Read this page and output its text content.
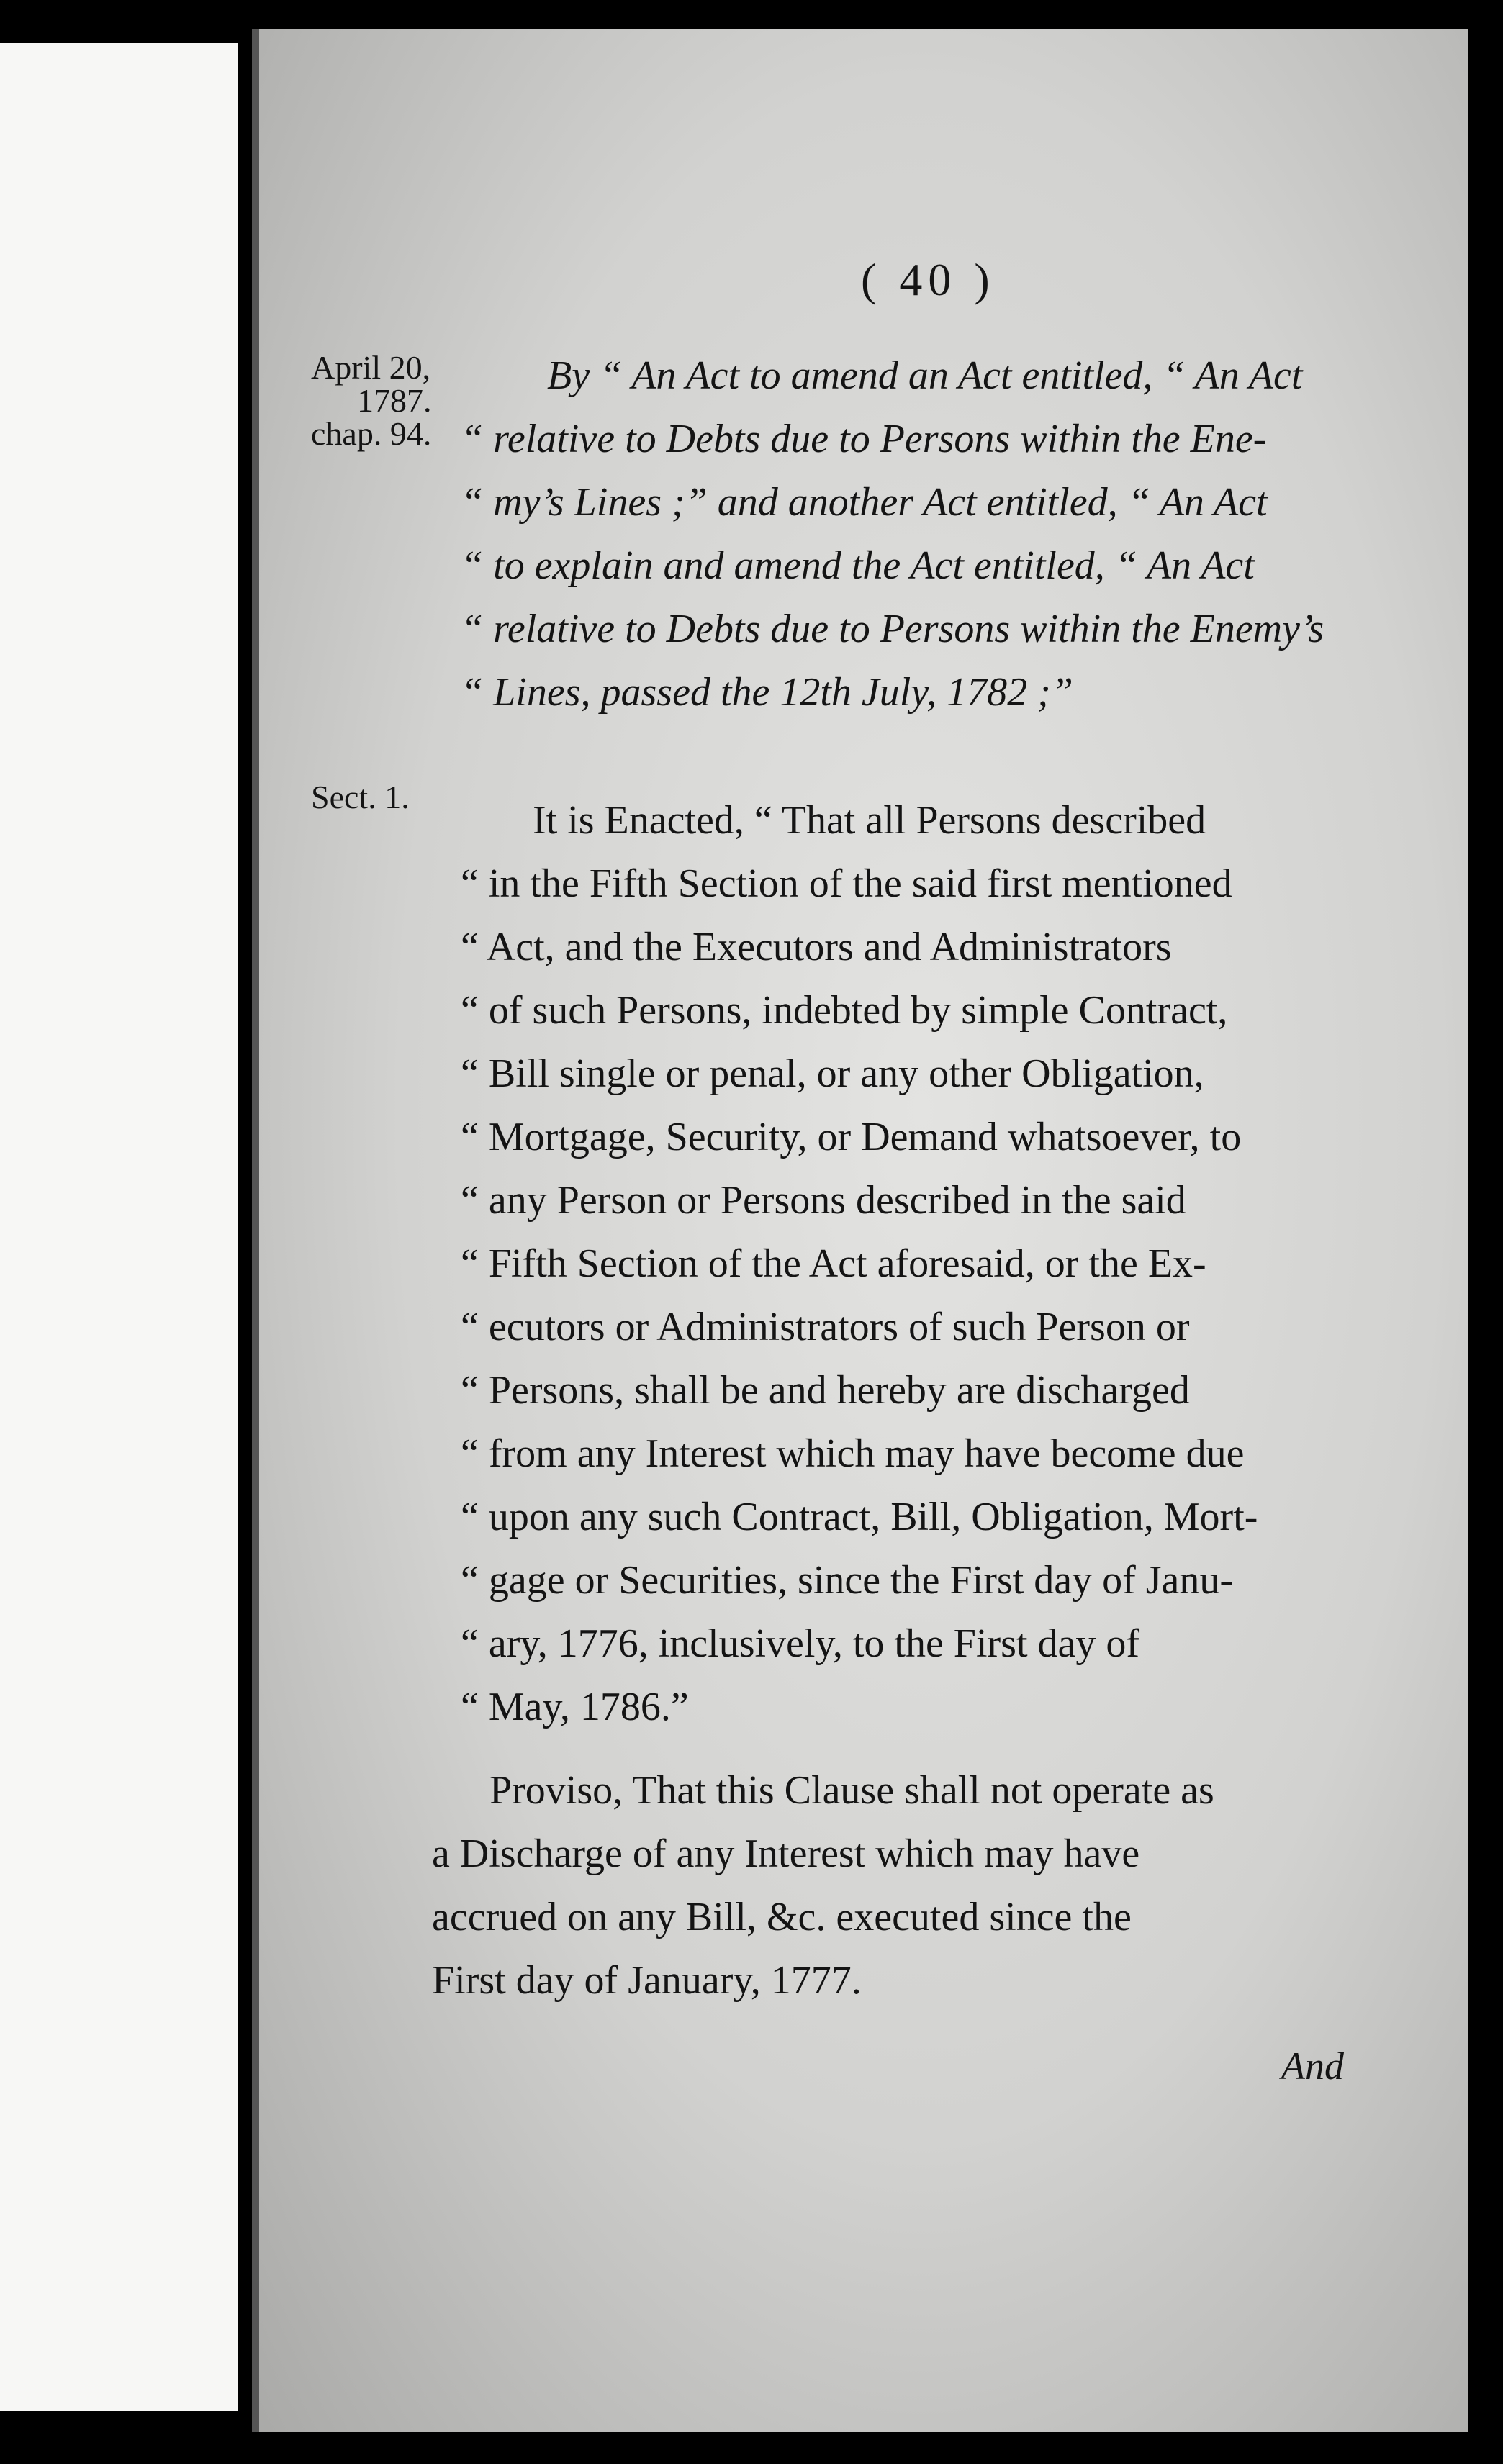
( 40 )
April 20,
1787.
chap. 94.
Sect. 1.
By “ An Act to amend an Act entitled, “ An Act
“ relative to Debts due to Persons within the Ene-
“ my’s Lines ;” and another Act entitled, “ An Act
“ to explain and amend the Act entitled, “ An Act
“ relative to Debts due to Persons within the Enemy’s
“ Lines, passed the 12th July, 1782 ;”
It is Enacted, “ That all Persons described
“ in the Fifth Section of the said first mentioned
“ Act, and the Executors and Administrators
“ of such Persons, indebted by simple Contract,
“ Bill single or penal, or any other Obligation,
“ Mortgage, Security, or Demand whatsoever, to
“ any Person or Persons described in the said
“ Fifth Section of the Act aforesaid, or the Ex-
“ ecutors or Administrators of such Person or
“ Persons, shall be and hereby are discharged
“ from any Interest which may have become due
“ upon any such Contract, Bill, Obligation, Mort-
“ gage or Securities, since the First day of Janu-
“ ary, 1776, inclusively, to the First day of
“ May, 1786.”
Proviso, That this Clause shall not operate as
a Discharge of any Interest which may have
accrued on any Bill, &c. executed since the
First day of January, 1777.
And
